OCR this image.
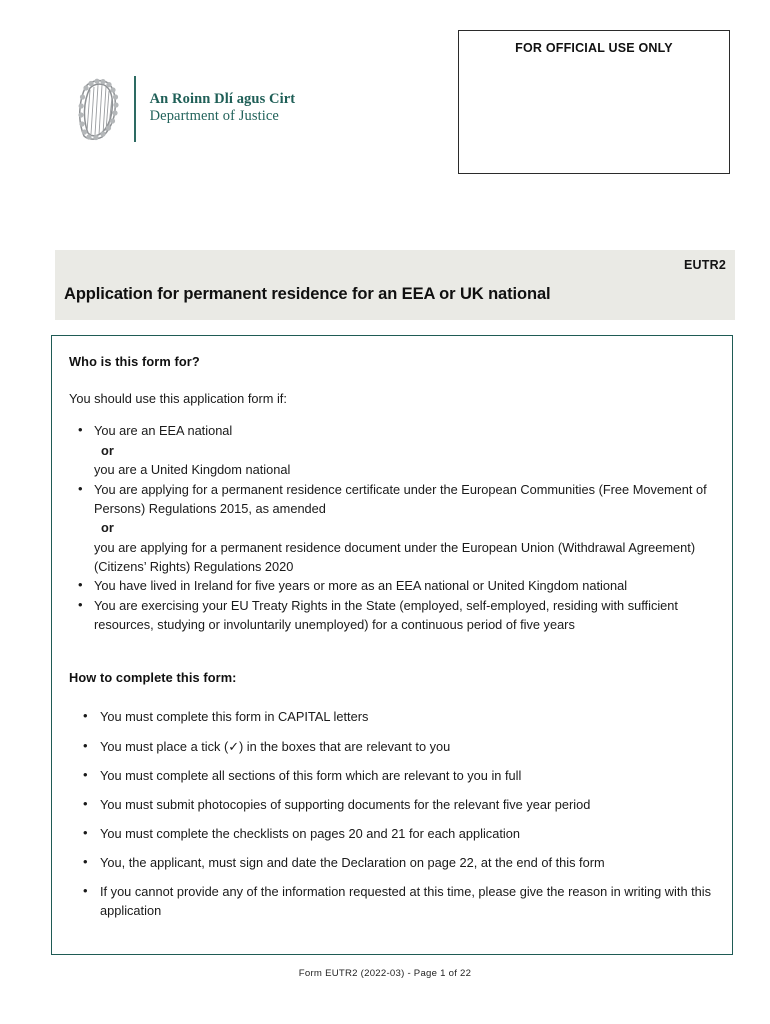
FOR OFFICIAL USE ONLY
An Roinn Dlí agus Cirt
Department of Justice
EUTR2
Application for permanent residence for an EEA or UK national
Who is this form for?
You should use this application form if:
• You are an EEA national
or
you are a United Kingdom national
• You are applying for a permanent residence certificate under the European Communities (Free Movement of Persons) Regulations 2015, as amended
or
you are applying for a permanent residence document under the European Union (Withdrawal Agreement) (Citizens’ Rights) Regulations 2020
• You have lived in Ireland for five years or more as an EEA national or United Kingdom national
• You are exercising your EU Treaty Rights in the State (employed, self-employed, residing with sufficient resources, studying or involuntarily unemployed) for a continuous period of five years
How to complete this form:
• You must complete this form in CAPITAL letters
• You must place a tick (✓) in the boxes that are relevant to you
• You must complete all sections of this form which are relevant to you in full
• You must submit photocopies of supporting documents for the relevant five year period
• You must complete the checklists on pages 20 and 21 for each application
• You, the applicant, must sign and date the Declaration on page 22, at the end of this form
• If you cannot provide any of the information requested at this time, please give the reason in writing with this application
Form EUTR2 (2022-03) - Page 1 of 22
